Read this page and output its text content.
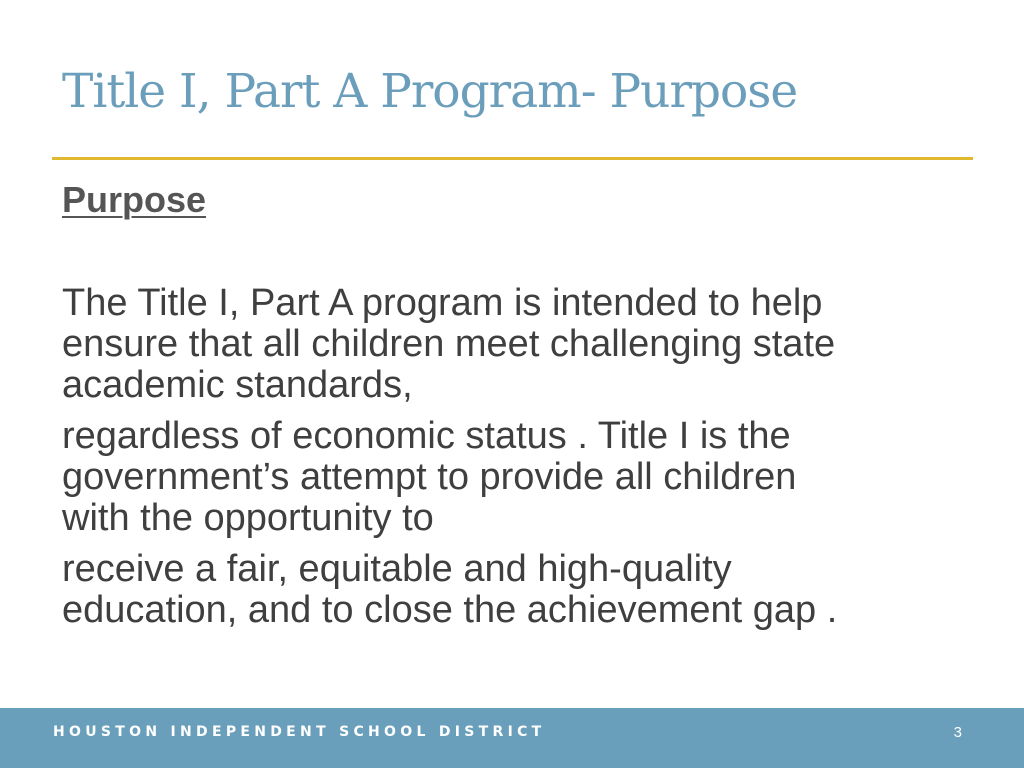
Title I, Part A Program- Purpose
Purpose

The Title I, Part A program is intended to help
ensure that all children meet challenging state
academic standards,

regardless of economic status . Title I is the
government’s attempt to provide all children
with the opportunity to

receive a fair, equitable and high-quality
education, and to close the achievement gap .

HOUSTON INDEPENDENT SCHOOL DISTRICT	3
